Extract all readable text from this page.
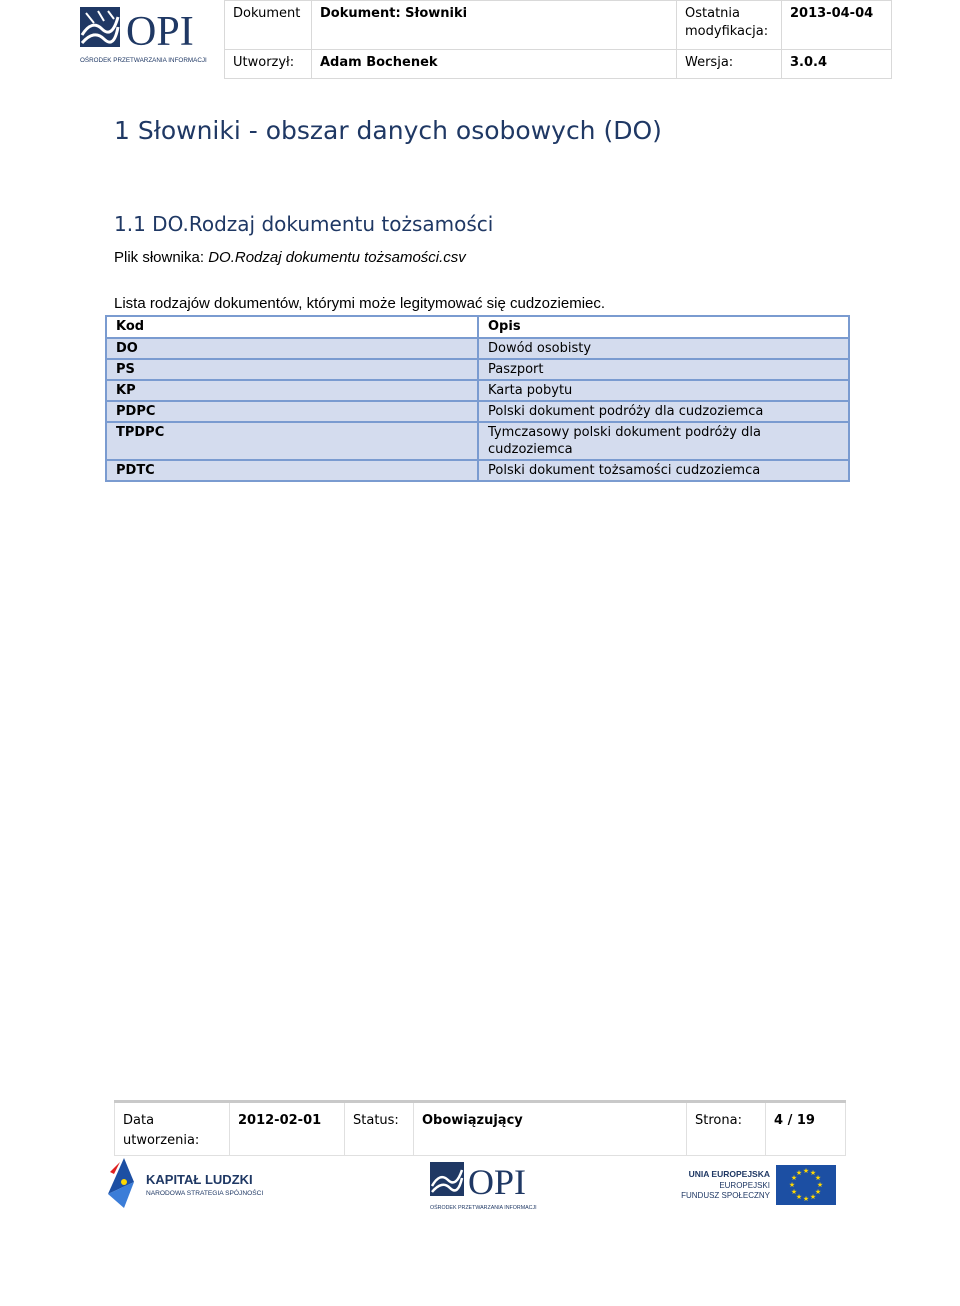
OPI
OŚRODEK PRZETWARZANIA INFORMACJI
Dokument	Dokument: Słowniki	Ostatnia modyfikacja:	2013-04-04
Utworzył:	Adam Bochenek	Wersja:	3.0.4
1 Słowniki - obszar danych osobowych (DO)
1.1 DO.Rodzaj dokumentu tożsamości
Plik słownika: DO.Rodzaj dokumentu tożsamości.csv
Lista rodzajów dokumentów, którymi może legitymować się cudzoziemiec.
Kod	Opis
DO	Dowód osobisty
PS	Paszport
KP	Karta pobytu
PDPC	Polski dokument podróży dla cudzoziemca
TPDPC	Tymczasowy polski dokument podróży dla cudzoziemca
PDTC	Polski dokument tożsamości cudzoziemca
Data utworzenia:	2012-02-01	Status:	Obowiązujący	Strona:	4 / 19
KAPITAŁ LUDZKI
NARODOWA STRATEGIA SPÓJNOŚCI	OPI
OŚRODEK PRZETWARZANIA INFORMACJI
UNIA EUROPEJSKA
EUROPEJSKI
FUNDUSZ SPOŁECZNY
★ ★
★
★
★
★
★
★
★
★
★
★
